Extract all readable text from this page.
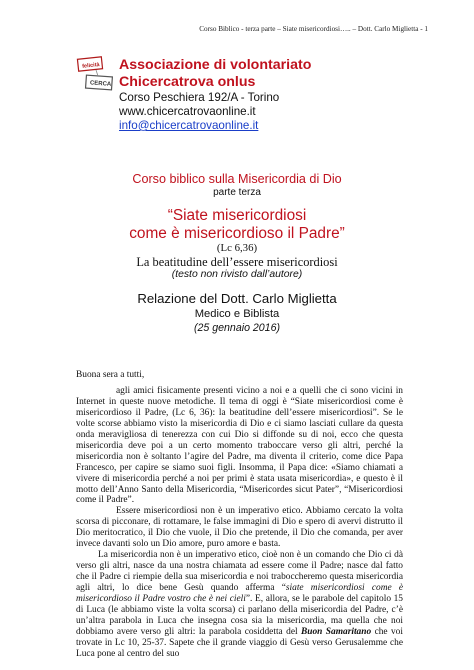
Corso Biblico - terza parte – Siate misericordiosi….. – Dott. Carlo Miglietta - 1
felicità
CERCA

Associazione di volontariato

Chicercatrova onlus

Corso Peschiera 192/A - Torino

www.chicercatrovaonline.it

info@chicercatrovaonline.it

Corso biblico sulla Misericordia di Dio

parte terza

“Siate misericordiosi

come è misericordioso il Padre”

(Lc 6,36)

La beatitudine dell’essere misericordiosi

(testo non rivisto dall’autore)

Relazione del Dott. Carlo Miglietta

Medico e Biblista

(25 gennaio 2016)

Buona sera a tutti,

agli amici fisicamente presenti vicino a noi e a quelli che ci sono vicini in Internet in queste nuove metodiche. Il tema di oggi è “Siate misericordiosi come è misericordioso il Padre, (Lc 6, 36): la beatitudine dell’essere misericordiosi”. Se le volte scorse abbiamo visto la misericordia di Dio e ci siamo lasciati cullare da questa onda meravigliosa di tenerezza con cui Dio si diffonde su di noi, ecco che questa misericordia deve poi a un certo momento traboccare verso gli altri, perché la misericordia non è soltanto l’agire del Padre, ma diventa il criterio, come dice Papa Francesco, per capire se siamo suoi figli. Insomma, il Papa dice: «Siamo chiamati a vivere di misericordia perché a noi per primi è stata usata misericordia», e questo è il motto dell’Anno Santo della Misericordia, “Misericordes sicut Pater”, “Misericordiosi come il Padre”.

Essere misericordiosi non è un imperativo etico. Abbiamo cercato la volta scorsa di picconare, di rottamare, le false immagini di Dio e spero di avervi distrutto il Dio meritocratico, il Dio che vuole, il Dio che pretende, il Dio che comanda, per aver invece davanti solo un Dio amore, puro amore e basta.

La misericordia non è un imperativo etico, cioè non è un comando che Dio ci dà verso gli altri, nasce da una nostra chiamata ad essere come il Padre; nasce dal fatto che il Padre ci riempie della sua misericordia e noi traboccheremo questa misericordia agli altri, lo dice bene Gesù quando afferma “siate misericordiosi come è misericordioso il Padre vostro che è nei cieli”. E, allora, se le parabole del capitolo 15 di Luca (le abbiamo viste la volta scorsa) ci parlano della misericordia del Padre, c’è un’altra parabola in Luca che insegna cosa sia la misericordia, ma quella che noi dobbiamo avere verso gli altri: la parabola cosiddetta del Buon Samaritano che voi trovate in Lc 10, 25-37. Sapete che il grande viaggio di Gesù verso Gerusalemme che Luca pone al centro del suo
